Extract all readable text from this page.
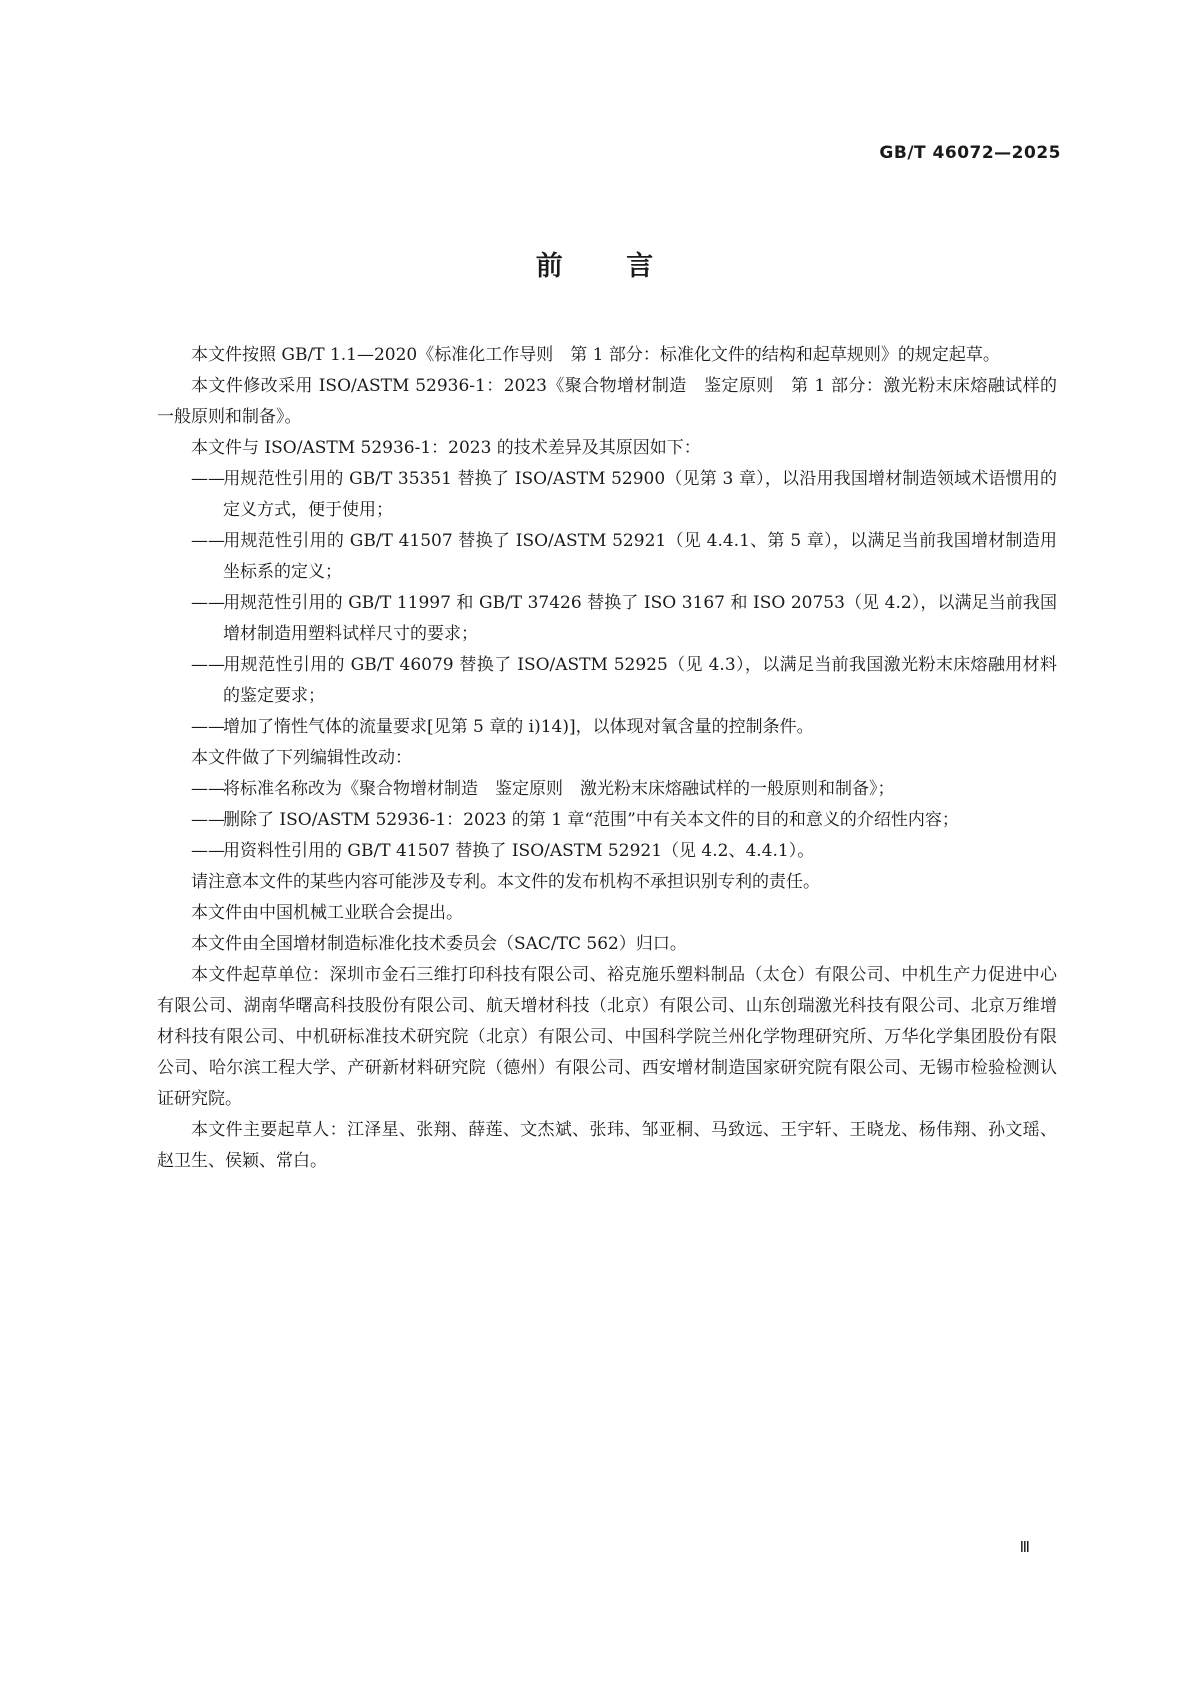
GB/T 46072—2025
前 言

本文件按照 GB/T 1.1—2020《标准化工作导则　第 1 部分：标准化文件的结构和起草规则》的规定起草。

本文件修改采用 ISO/ASTM 52936-1：2023《聚合物增材制造　鉴定原则　第 1 部分：激光粉末床熔融试样的一般原则和制备》。

本文件与 ISO/ASTM 52936-1：2023 的技术差异及其原因如下：

——用规范性引用的 GB/T 35351 替换了 ISO/ASTM 52900（见第 3 章），以沿用我国增材制造领域术语惯用的定义方式，便于使用；

——用规范性引用的 GB/T 41507 替换了 ISO/ASTM 52921（见 4.4.1、第 5 章），以满足当前我国增材制造用坐标系的定义；

——用规范性引用的 GB/T 11997 和 GB/T 37426 替换了 ISO 3167 和 ISO 20753（见 4.2），以满足当前我国增材制造用塑料试样尺寸的要求；

——用规范性引用的 GB/T 46079 替换了 ISO/ASTM 52925（见 4.3），以满足当前我国激光粉末床熔融用材料的鉴定要求；

——增加了惰性气体的流量要求[见第 5 章的 i)14)]，以体现对氧含量的控制条件。

本文件做了下列编辑性改动：

——将标准名称改为《聚合物增材制造　鉴定原则　激光粉末床熔融试样的一般原则和制备》；

——删除了 ISO/ASTM 52936-1：2023 的第 1 章“范围”中有关本文件的目的和意义的介绍性内容；

——用资料性引用的 GB/T 41507 替换了 ISO/ASTM 52921（见 4.2、4.4.1）。

请注意本文件的某些内容可能涉及专利。本文件的发布机构不承担识别专利的责任。

本文件由中国机械工业联合会提出。

本文件由全国增材制造标准化技术委员会（SAC/TC 562）归口。

本文件起草单位：深圳市金石三维打印科技有限公司、裕克施乐塑料制品（太仓）有限公司、中机生产力促进中心有限公司、湖南华曙高科技股份有限公司、航天增材科技（北京）有限公司、山东创瑞激光科技有限公司、北京万维增材科技有限公司、中机研标准技术研究院（北京）有限公司、中国科学院兰州化学物理研究所、万华化学集团股份有限公司、哈尔滨工程大学、产研新材料研究院（德州）有限公司、西安增材制造国家研究院有限公司、无锡市检验检测认证研究院。

本文件主要起草人：江泽星、张翔、薛莲、文杰斌、张玮、邹亚桐、马致远、王宇轩、王晓龙、杨伟翔、孙文瑶、赵卫生、侯颖、常白。

Ⅲ
